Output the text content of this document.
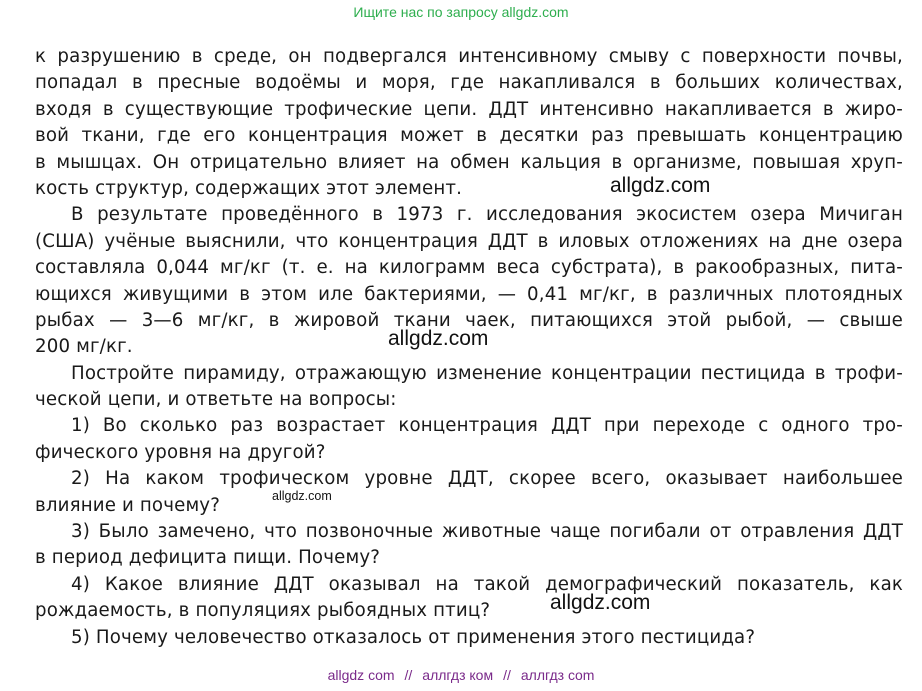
Ищите нас по запросу allgdz.com
к разрушению в среде, он подвергался интенсивному смыву с поверхности почвы,
попадал в пресные водоёмы и моря, где накапливался в больших количествах,
входя в существующие трофические цепи. ДДТ интенсивно накапливается в жиро-
вой ткани, где его концентрация может в десятки раз превышать концентрацию
в мышцах. Он отрицательно влияет на обмен кальция в организме, повышая хруп-
кость структур, содержащих этот элемент.
В результате проведённого в 1973 г. исследования экосистем озера Мичиган
(США) учёные выяснили, что концентрация ДДТ в иловых отложениях на дне озера
составляла 0,044 мг/кг (т. е. на килограмм веса субстрата), в ракообразных, пита-
ющихся живущими в этом иле бактериями, — 0,41 мг/кг, в различных плотоядных
рыбах — 3—6 мг/кг, в жировой ткани чаек, питающихся этой рыбой, — свыше
200 мг/кг.
Постройте пирамиду, отражающую изменение концентрации пестицида в трофи-
ческой цепи, и ответьте на вопросы:
1) Во сколько раз возрастает концентрация ДДТ при переходе с одного тро-
фического уровня на другой?
2) На каком трофическом уровне ДДТ, скорее всего, оказывает наибольшее
влияние и почему?
3) Было замечено, что позвоночные животные чаще погибали от отравления ДДТ
в период дефицита пищи. Почему?
4) Какое влияние ДДТ оказывал на такой демографический показатель, как
рождаемость, в популяциях рыбоядных птиц?
5) Почему человечество отказалось от применения этого пестицида?
allgdz.com
allgdz.com
allgdz.com
allgdz.com
allgdz com // аллгдз ком // аллгдз com
